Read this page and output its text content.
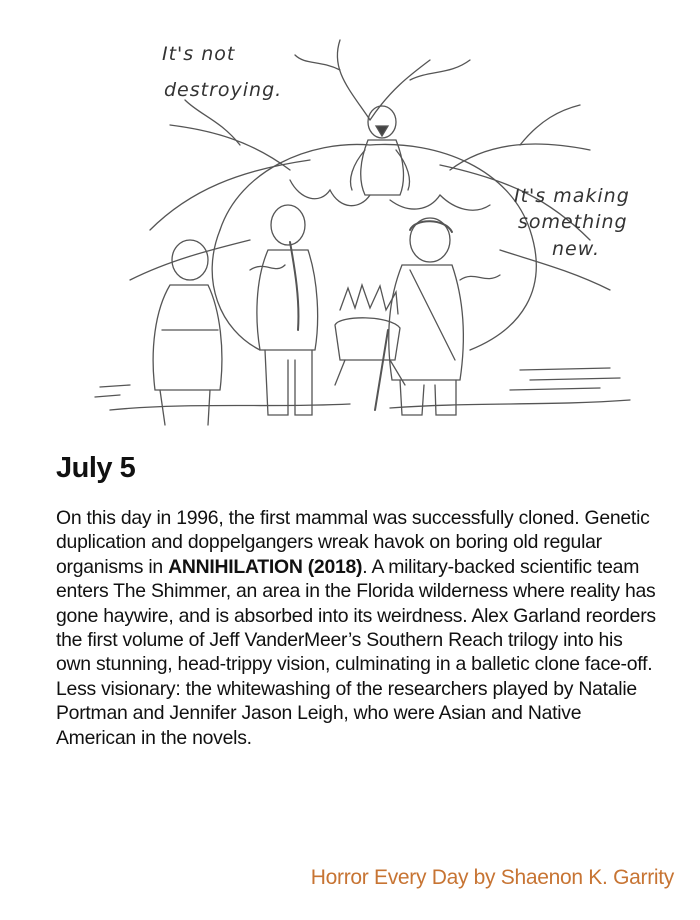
It's not
destroying.
It's making
something
new.
July 5
On this day in 1996, the first mammal was successfully cloned. Genetic duplication and doppelgangers wreak havok on boring old regular organisms in ANNIHILATION (2018). A military-backed scientific team enters The Shimmer, an area in the Florida wilderness where reality has gone haywire, and is absorbed into its weirdness. Alex Garland reorders the first volume of Jeff VanderMeer’s Southern Reach trilogy into his own stunning, head-trippy vision, culminating in a balletic clone face-off. Less visionary: the whitewashing of the researchers played by Natalie Portman and Jennifer Jason Leigh, who were Asian and Native American in the novels.
Horror Every Day by Shaenon K. Garrity
